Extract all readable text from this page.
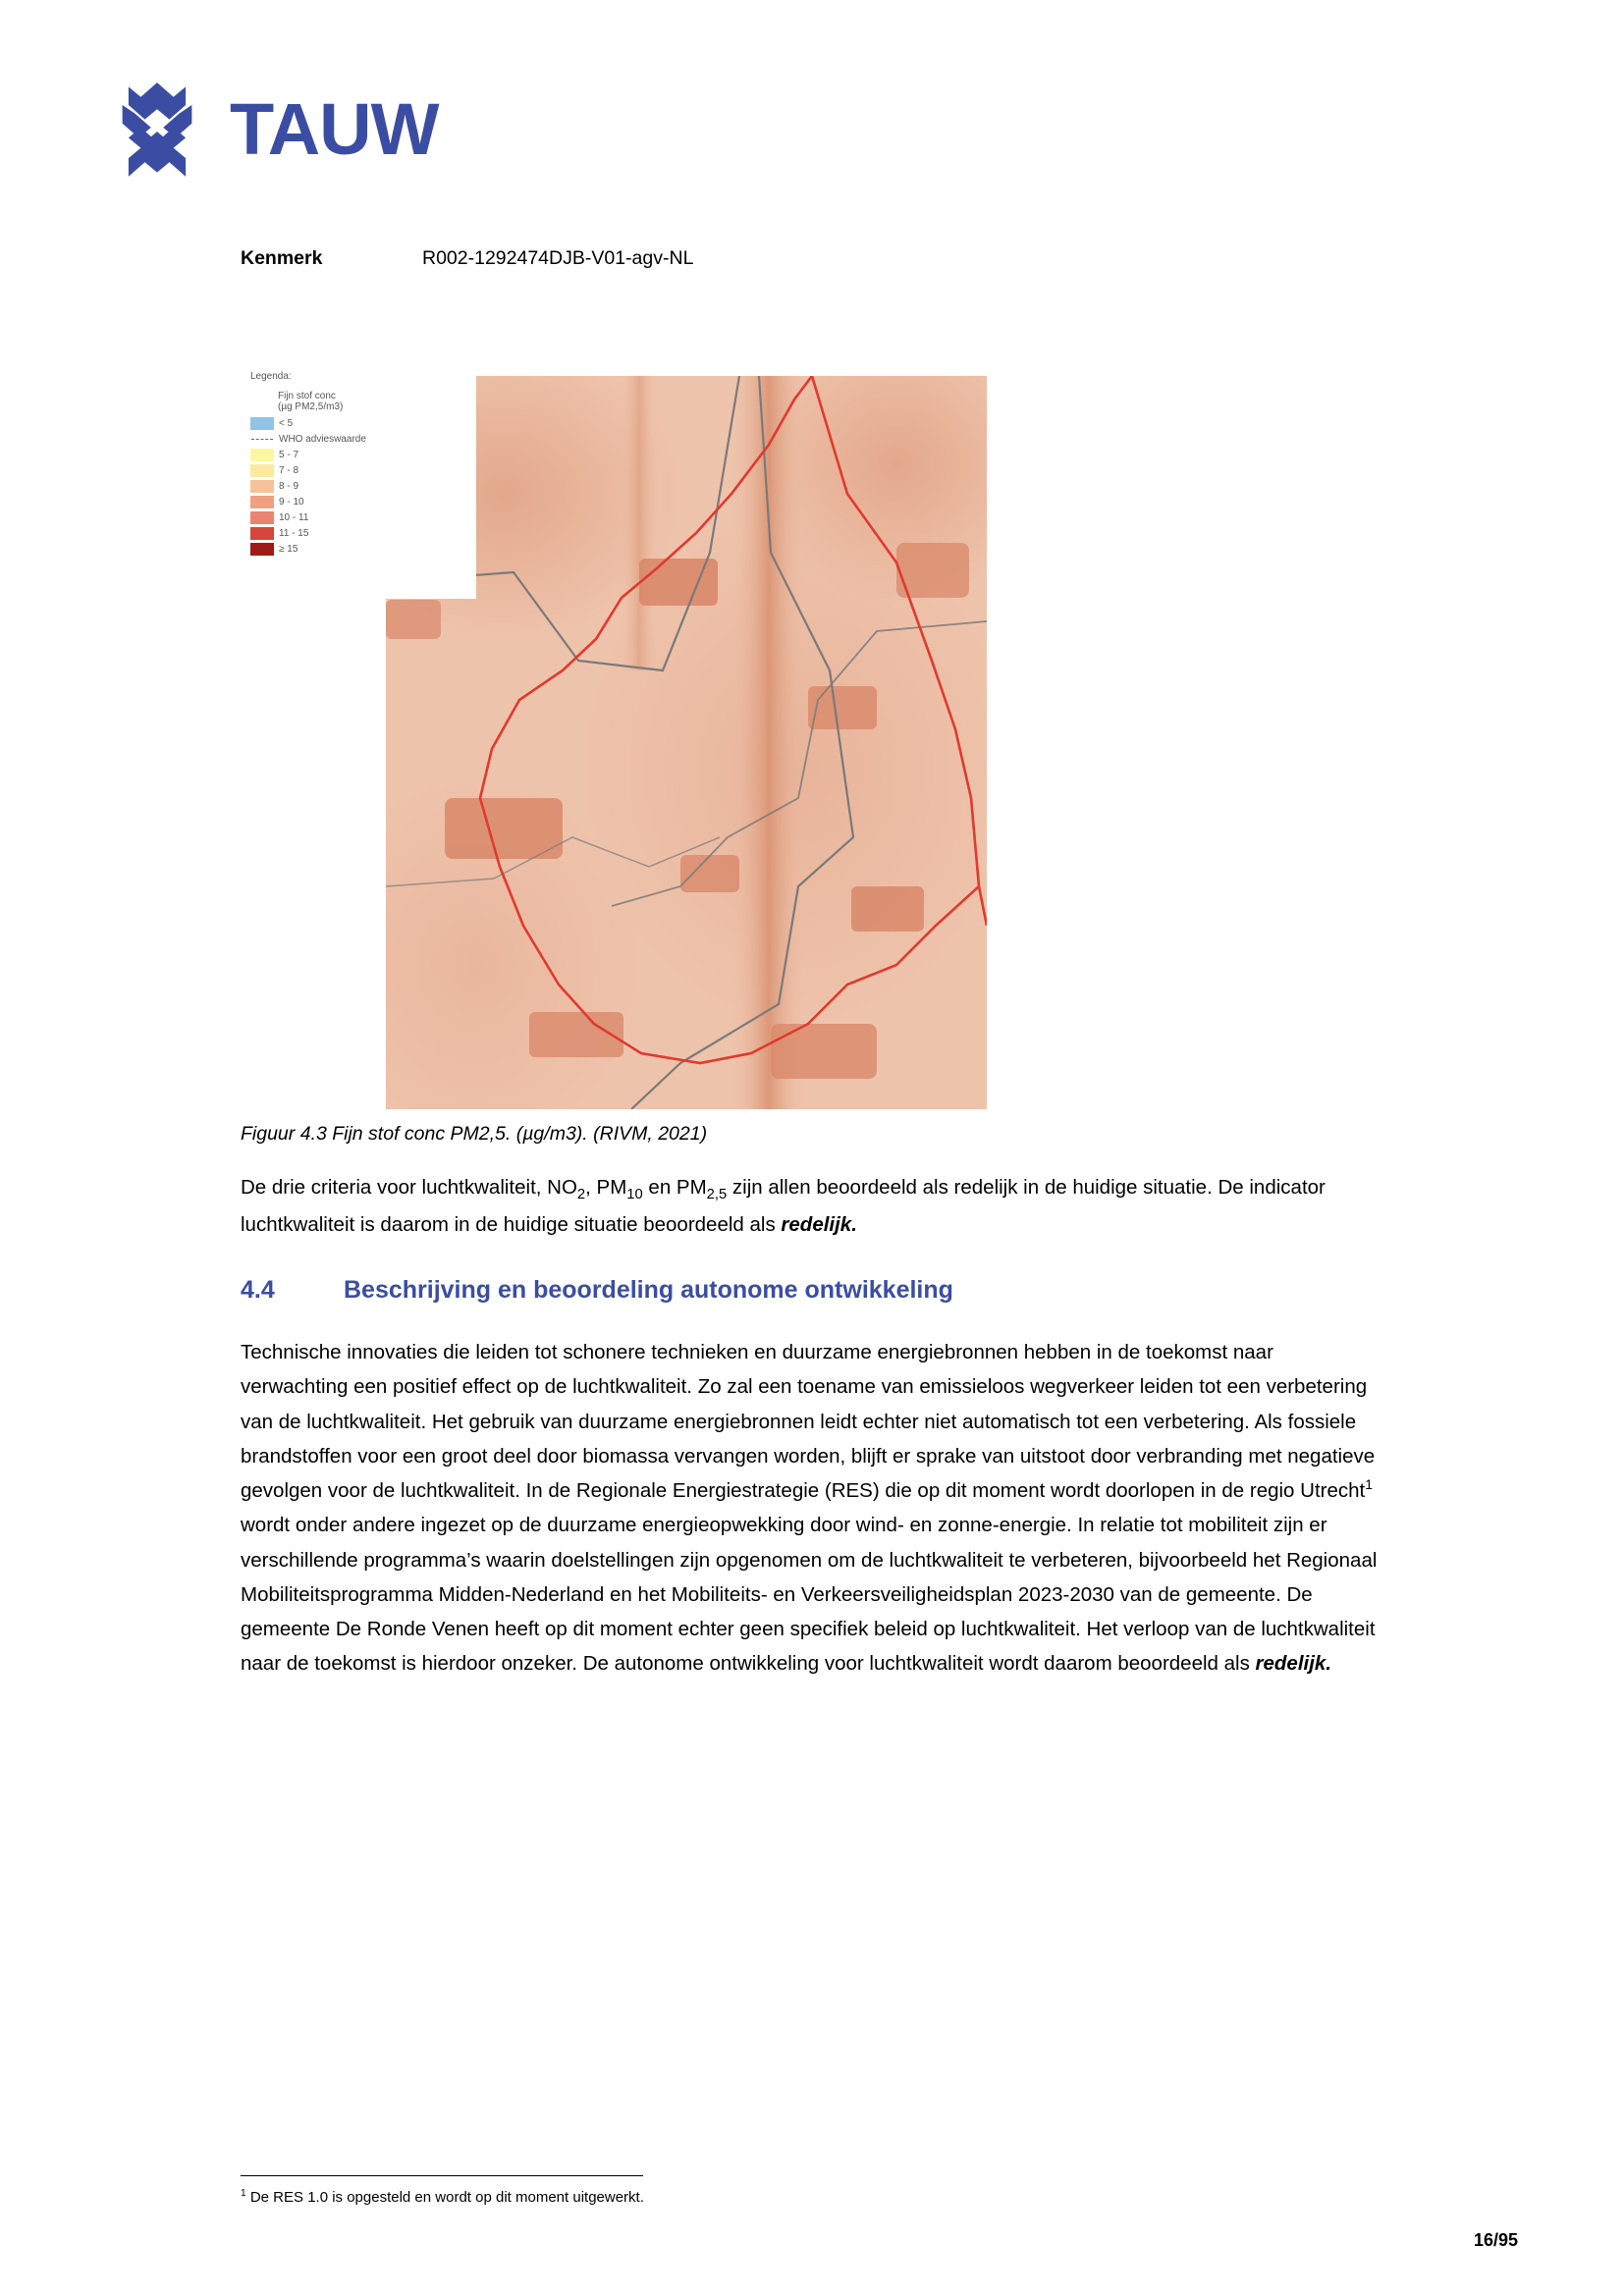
TAUW
Kenmerk	R002-1292474DJB-V01-agv-NL
Legenda:
Fijn stof conc
(µg PM2,5/m3)
< 5
WHO advieswaarde
5 - 7
7 - 8
8 - 9
9 - 10
10 - 11
11 - 15
≥ 15
Figuur 4.3 Fijn stof conc PM2,5. (µg/m3). (RIVM, 2021)
De drie criteria voor luchtkwaliteit, $NO_2$, $PM_{10}$ en $PM_{2,5}$ zijn allen beoordeeld als redelijk in de huidige situatie. De indicator luchtkwaliteit is daarom in de huidige situatie beoordeeld als redelijk.
4.4	Beschrijving en beoordeling autonome ontwikkeling
Technische innovaties die leiden tot schonere technieken en duurzame energiebronnen hebben in de toekomst naar verwachting een positief effect op de luchtkwaliteit. Zo zal een toename van emissieloos wegverkeer leiden tot een verbetering van de luchtkwaliteit. Het gebruik van duurzame energiebronnen leidt echter niet automatisch tot een verbetering. Als fossiele brandstoffen voor een groot deel door biomassa vervangen worden, blijft er sprake van uitstoot door verbranding met negatieve gevolgen voor de luchtkwaliteit. In de Regionale Energiestrategie (RES) die op dit moment wordt doorlopen in de regio Utrecht$^1$ wordt onder andere ingezet op de duurzame energieopwekking door wind- en zonne-energie. In relatie tot mobiliteit zijn er verschillende programma’s waarin doelstellingen zijn opgenomen om de luchtkwaliteit te verbeteren, bijvoorbeeld het Regionaal Mobiliteitsprogramma Midden-Nederland en het Mobiliteits- en Verkeersveiligheidsplan 2023-2030 van de gemeente. De gemeente De Ronde Venen heeft op dit moment echter geen specifiek beleid op luchtkwaliteit. Het verloop van de luchtkwaliteit naar de toekomst is hierdoor onzeker. De autonome ontwikkeling voor luchtkwaliteit wordt daarom beoordeeld als redelijk.
$^1$ De RES 1.0 is opgesteld en wordt op dit moment uitgewerkt.
16/95
